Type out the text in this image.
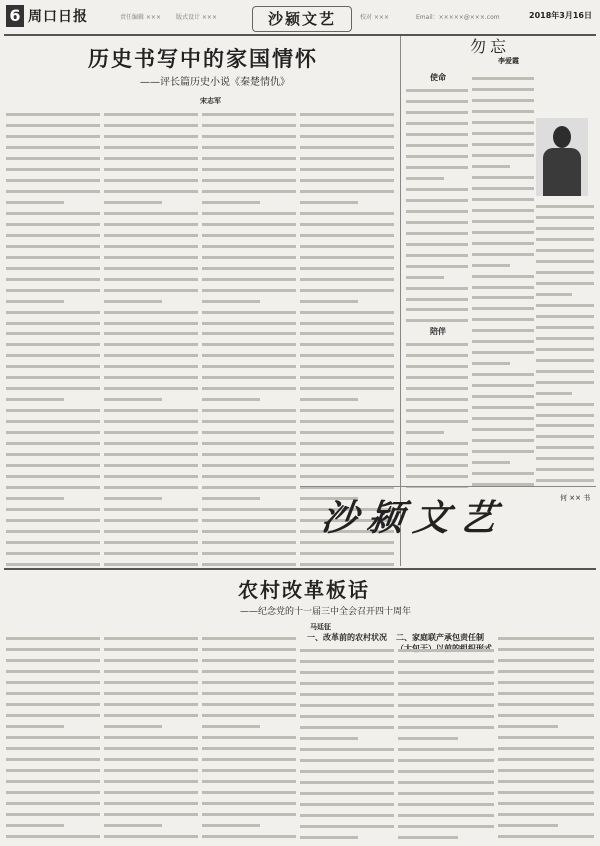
6 周口日报	责任编辑 ×××	版式设计 ×××	沙颍文艺	校对 ×××	Email：×××××@×××.com	2018年3月16日
历史书写中的家国情怀
——评长篇历史小说《秦楚情仇》
宋志军
勿忘
李爱霞
使命
陪伴
沙颍文艺	何 ×× 书
农村改革板话
——纪念党的十一届三中全会召开四十周年
马廷征
一、改革前的农村状况	二、家庭联产承包责任制（大包干）以前的组织形式
